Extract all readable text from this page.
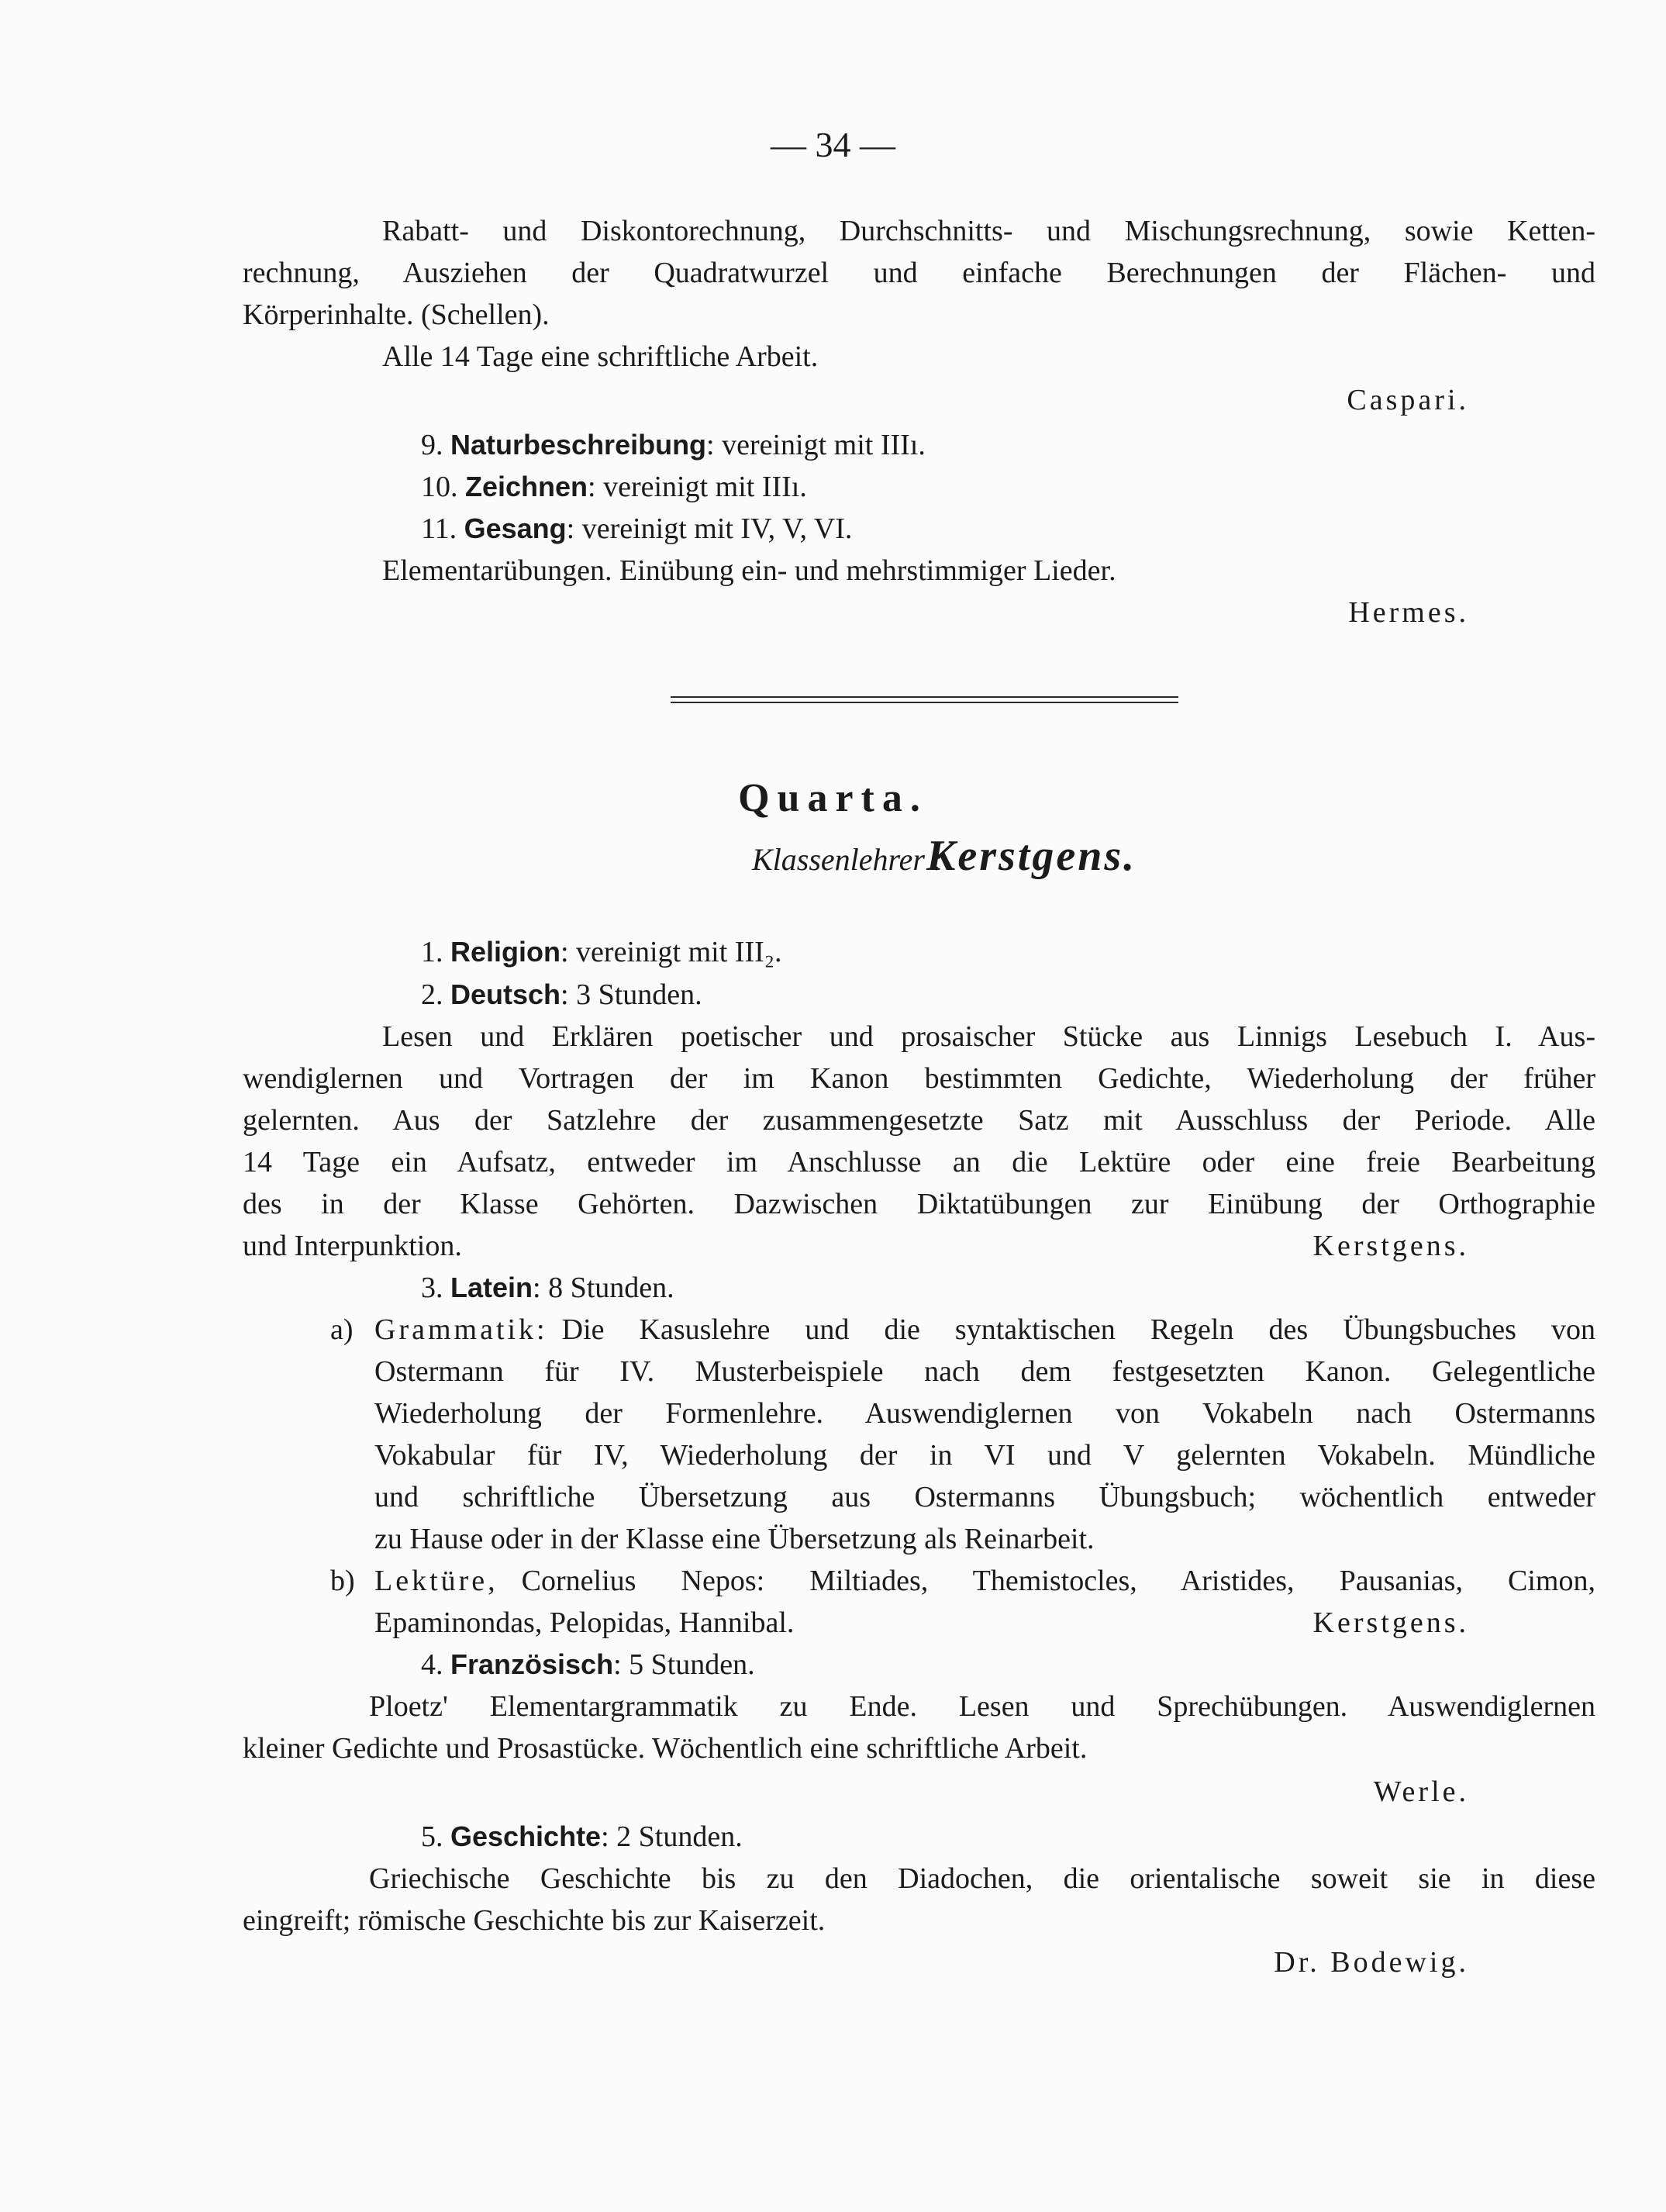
— 34 —
Rabatt- und Diskontorechnung, Durchschnitts- und Mischungsrechnung, sowie Ketten-
rechnung, Ausziehen der Quadratwurzel und einfache Berechnungen der Flächen- und
Körperinhalte. (Schellen).
Alle 14 Tage eine schriftliche Arbeit.
Caspari.
9. Naturbeschreibung: vereinigt mit IIIı.
10. Zeichnen: vereinigt mit IIIı.
11. Gesang: vereinigt mit IV, V, VI.
Elementarübungen. Einübung ein- und mehrstimmiger Lieder.
Hermes.
Quarta.
Klassenlehrer :
Kerstgens.
1. Religion: vereinigt mit III₂.
2. Deutsch: 3 Stunden.
Lesen und Erklären poetischer und prosaischer Stücke aus Linnigs Lesebuch I. Aus-
wendiglernen und Vortragen der im Kanon bestimmten Gedichte, Wiederholung der früher
gelernten. Aus der Satzlehre der zusammengesetzte Satz mit Ausschluss der Periode. Alle
14 Tage ein Aufsatz, entweder im Anschlusse an die Lektüre oder eine freie Bearbeitung
des in der Klasse Gehörten. Dazwischen Diktatübungen zur Einübung der Orthographie
und Interpunktion.	Kerstgens.
3. Latein: 8 Stunden.
a) Grammatik: Die Kasuslehre und die syntaktischen Regeln des Übungsbuches von
Ostermann für IV. Musterbeispiele nach dem festgesetzten Kanon. Gelegentliche
Wiederholung der Formenlehre. Auswendiglernen von Vokabeln nach Ostermanns
Vokabular für IV, Wiederholung der in VI und V gelernten Vokabeln. Mündliche
und schriftliche Übersetzung aus Ostermanns Übungsbuch; wöchentlich entweder
zu Hause oder in der Klasse eine Übersetzung als Reinarbeit.
b) Lektüre, Cornelius Nepos: Miltiades, Themistocles, Aristides, Pausanias, Cimon,
Epaminondas, Pelopidas, Hannibal.	Kerstgens.
4. Französisch: 5 Stunden.
Ploetz' Elementargrammatik zu Ende. Lesen und Sprechübungen. Auswendiglernen
kleiner Gedichte und Prosastücke. Wöchentlich eine schriftliche Arbeit.
Werle.
5. Geschichte: 2 Stunden.
Griechische Geschichte bis zu den Diadochen, die orientalische soweit sie in diese
eingreift; römische Geschichte bis zur Kaiserzeit.
Dr. Bodewig.
